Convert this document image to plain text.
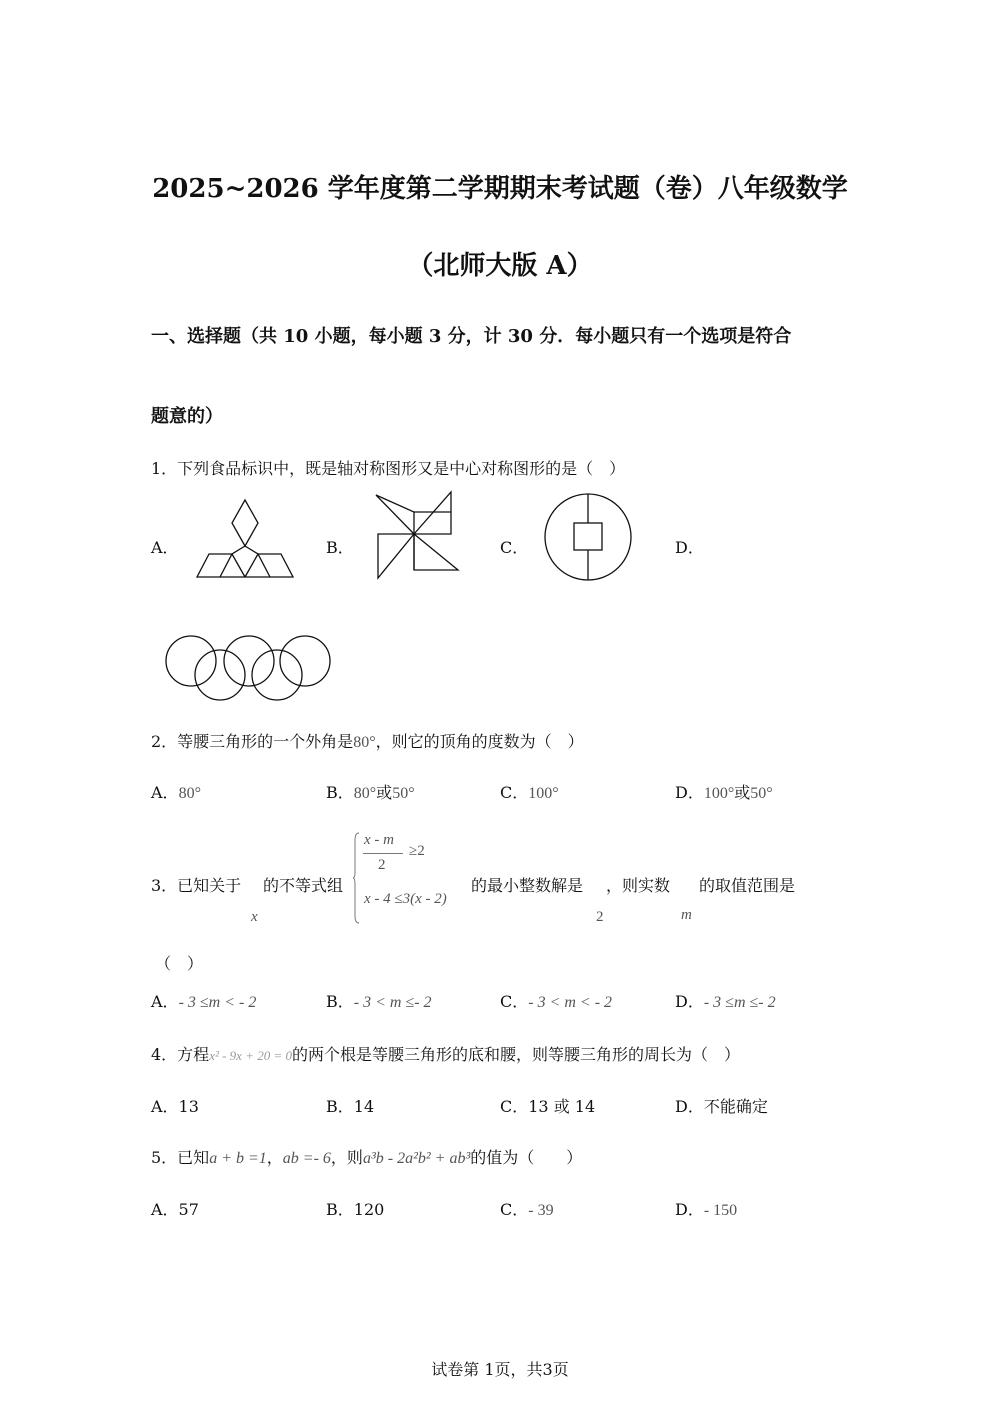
2025~2026 学年度第二学期期末考试题（卷）八年级数学
（北师大版 A）
一、选择题（共 10 小题，每小题 3 分，计 30 分．每小题只有一个选项是符合
题意的）
1．下列食品标识中，既是轴对称图形又是中心对称图形的是（　）
A．	B．	C．	D．
2．等腰三角形的一个外角是80°，则它的顶角的度数为（　）
A．80°	B．80°或50°	C．100°	D．100°或50°
3．已知关于
x
的不等式组
x - m
2
≥2
x - 4 ≤3(x - 2)
的最小整数解是
2
，则实数
m
的取值范围是
（　）
A．- 3 ≤m < - 2	B．- 3 < m ≤- 2	C．- 3 < m < - 2	D．- 3 ≤m ≤- 2
4．方程x² - 9x + 20 = 0的两个根是等腰三角形的底和腰，则等腰三角形的周长为（　）
A．13	B．14	C．13 或 14	D．不能确定
5．已知a + b =1，ab =- 6，则a³b - 2a²b² + ab³的值为（　　）
A．57	B．120	C．- 39	D．- 150
试卷第 1页，共3页
